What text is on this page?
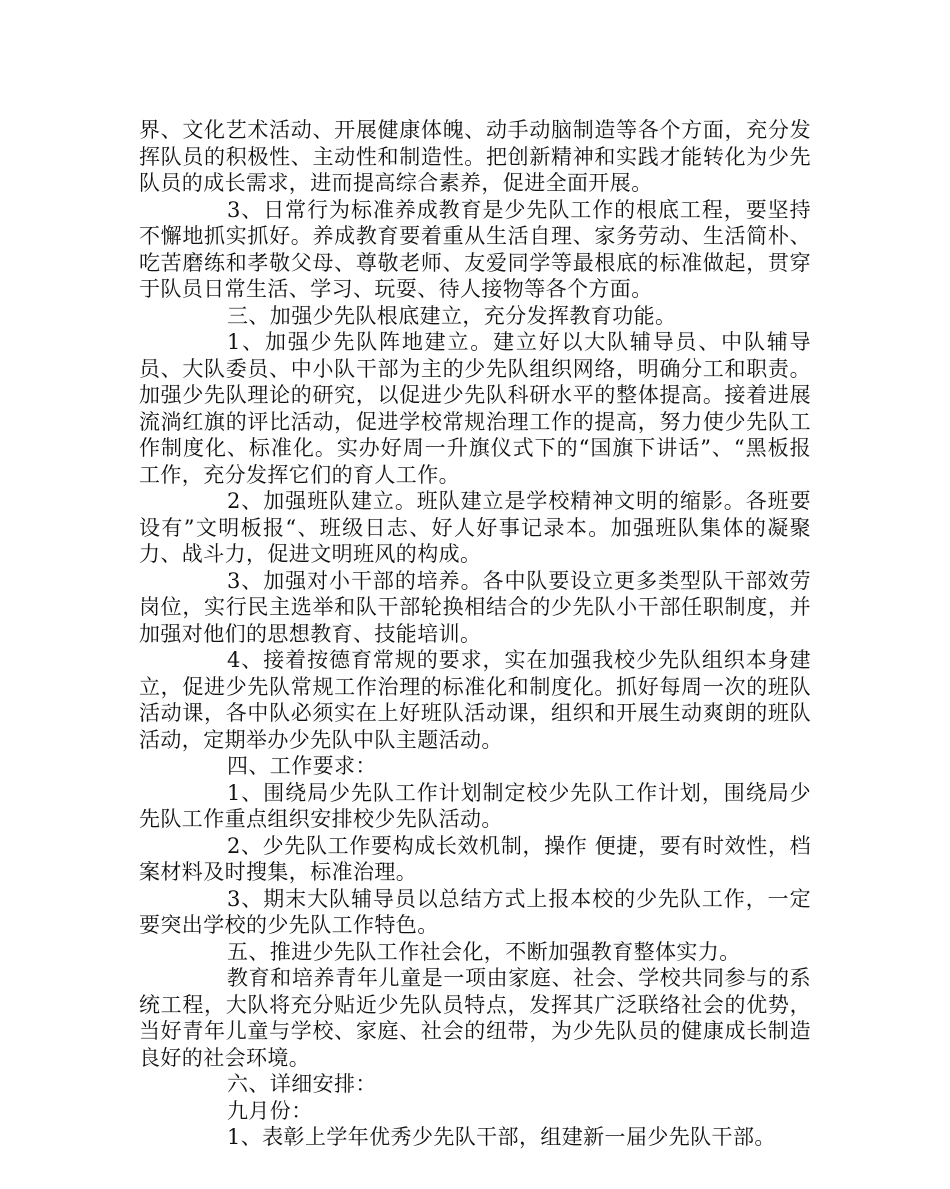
界、文化艺术活动、开展健康体魄、动手动脑制造等各个方面，充分发挥队员的积极性、主动性和制造性。把创新精神和实践才能转化为少先队员的成长需求，进而提高综合素养，促进全面开展。

3、日常行为标准养成教育是少先队工作的根底工程，要坚持不懈地抓实抓好。养成教育要着重从生活自理、家务劳动、生活简朴、吃苦磨练和孝敬父母、尊敬老师、友爱同学等最根底的标准做起，贯穿于队员日常生活、学习、玩耍、待人接物等各个方面。

三、加强少先队根底建立，充分发挥教育功能。

1、加强少先队阵地建立。建立好以大队辅导员、中队辅导员、大队委员、中小队干部为主的少先队组织网络，明确分工和职责。加强少先队理论的研究，以促进少先队科研水平的整体提高。接着进展流淌红旗的评比活动，促进学校常规治理工作的提高，努力使少先队工作制度化、标准化。实办好周一升旗仪式下的“国旗下讲话”、“黑板报工作，充分发挥它们的育人工作。

2、加强班队建立。班队建立是学校精神文明的缩影。各班要设有”文明板报“、班级日志、好人好事记录本。加强班队集体的凝聚力、战斗力，促进文明班风的构成。

3、加强对小干部的培养。各中队要设立更多类型队干部效劳岗位，实行民主选举和队干部轮换相结合的少先队小干部任职制度，并加强对他们的思想教育、技能培训。

4、接着按德育常规的要求，实在加强我校少先队组织本身建立，促进少先队常规工作治理的标准化和制度化。抓好每周一次的班队活动课，各中队必须实在上好班队活动课，组织和开展生动爽朗的班队活动，定期举办少先队中队主题活动。

四、工作要求：

1、围绕局少先队工作计划制定校少先队工作计划，围绕局少先队工作重点组织安排校少先队活动。

2、少先队工作要构成长效机制，操作 便捷，要有时效性，档案材料及时搜集，标准治理。

3、期末大队辅导员以总结方式上报本校的少先队工作，一定要突出学校的少先队工作特色。

五、推进少先队工作社会化，不断加强教育整体实力。

教育和培养青年儿童是一项由家庭、社会、学校共同参与的系统工程，大队将充分贴近少先队员特点，发挥其广泛联络社会的优势，当好青年儿童与学校、家庭、社会的纽带，为少先队员的健康成长制造良好的社会环境。

六、详细安排：

九月份：

1、表彰上学年优秀少先队干部，组建新一届少先队干部。
